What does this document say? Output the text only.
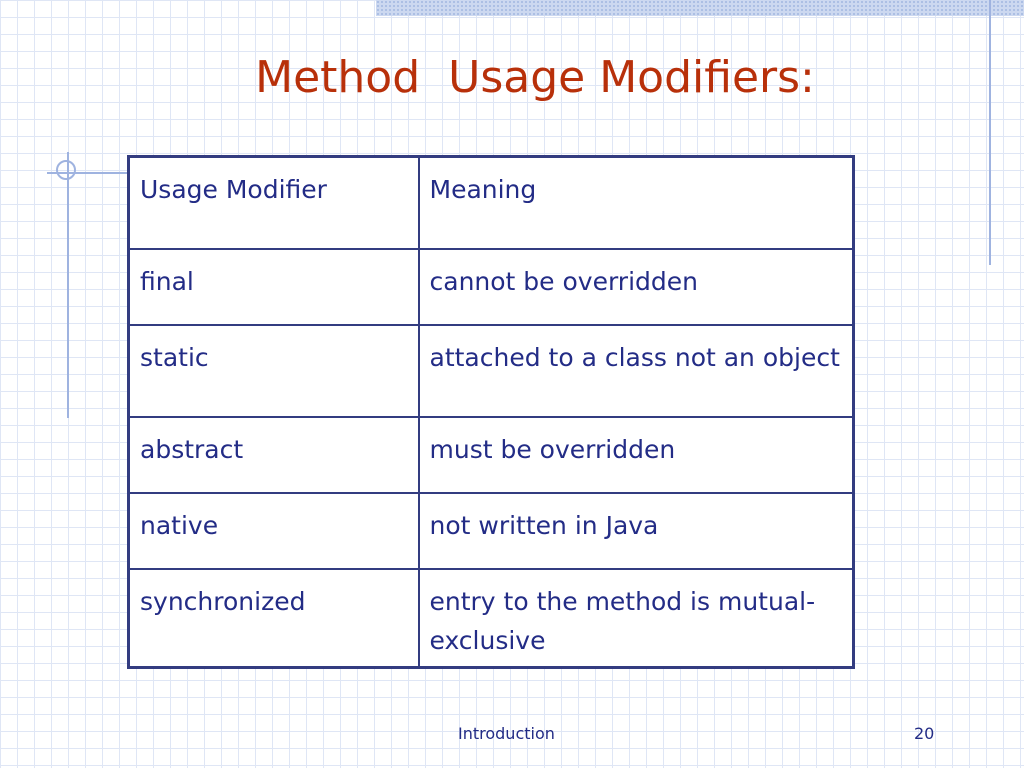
Method  Usage Modifiers:
Usage Modifier	Meaning
final	cannot be overridden
static	attached to a class not an object
abstract	must be overridden
native	not written in Java
synchronized	entry to the method is mutual-exclusive
Introduction	20
